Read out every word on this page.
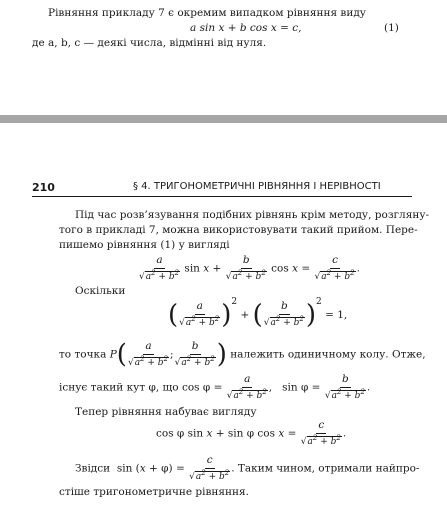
Рівняння прикладу 7 є окремим випадком рівняння виду
a sin x + b cos x = c,	(1)
де a, b, c — деякі числа, відмінні від нуля.
210	§ 4. ТРИГОНОМЕТРИЧНІ РІВНЯННЯ І НЕРІВНОСТІ
Під час розв’язування подібних рівнянь крім методу, розгляну-
того в прикладі 7, можна використовувати такий прийом. Пере-
пишемо рівняння (1) у вигляді
$\frac{a}{√a^2 + b^2}$ $\sin x + \frac{b}{√a^2 + b^2}$ $\cos x = \frac{c}{√a^2 + b^2}$ .
Оскільки
( $\frac{a}{√a^2 + b^2} )2$ + ( $\frac{b}{√a^2 + b^2} )2 = 1$,
то точка $P( \frac{a}{√a^2 + b^2}$ ; $\frac{b}{√a^2 + b^2}$ ) належить одиничному колу. Отже,
існує такий кут φ, що $\cos \varphi = \frac{a}{√a^2 + b^2}$ ,   $\sin \varphi = \frac{b}{√a^2 + b^2}$ .
Тепер рівняння набуває вигляду
cos φ sin x + sin φ $\cos x = \frac{c}{√a^2 + b^2}$ .
Звідси  $\sin (x + \varphi) = \frac{c}{√a^2 + b^2}$ . Таким чином, отримали найпро-
стіше тригонометричне рівняння.
